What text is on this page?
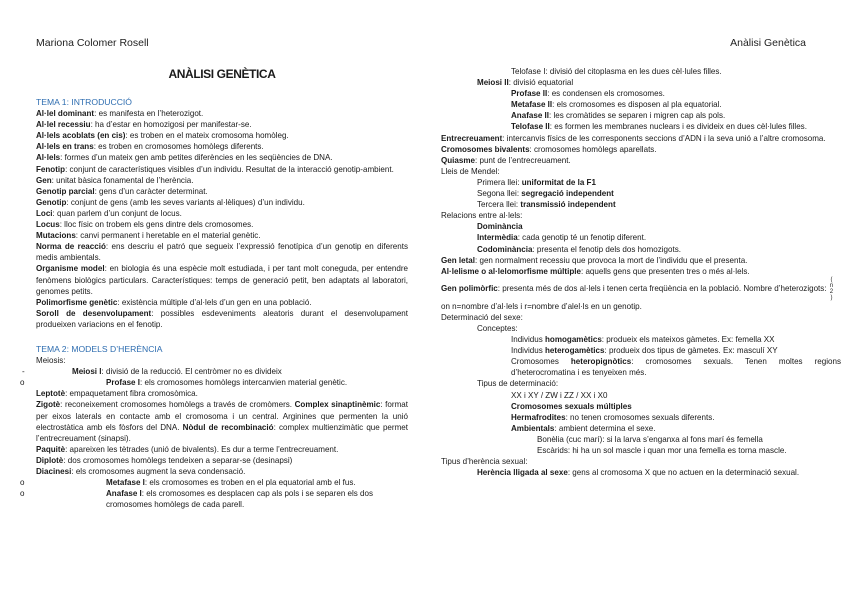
Mariona Colomer Rosell	Anàlisi Genètica
ANÀLISI GENÈTICA
TEMA 1: INTRODUCCIÓ
Al·lel dominant: es manifesta en l’heterozigot.
Al·lel recessiu: ha d’estar en homozigosi per manifestar-se.
Al·lels acoblats (en cis): es troben en el mateix cromosoma homòleg.
Al·lels en trans: es troben en cromosomes homòlegs diferents.
Al·lels: formes d’un mateix gen amb petites diferències en les seqüències de DNA.
Fenotip: conjunt de característiques visibles d’un individu. Resultat de la interacció genotip-ambient.
Gen: unitat bàsica fonamental de l’herència.
Genotip parcial: gens d’un caràcter determinat.
Genotip: conjunt de gens (amb les seves variants al·lèliques) d’un individu.
Loci: quan parlem d’un conjunt de locus.
Locus: lloc físic on trobem els gens dintre dels cromosomes.
Mutacions: canvi permanent i heretable en el material genètic.
Norma de reacció: ens descriu el patró que segueix l’expressió fenotípica d’un genotip en diferents medis ambientals.
Organisme model: en biologia és una espècie molt estudiada, i per tant molt coneguda, per entendre fenòmens biològics particulars. Característiques: temps de generació petit, ben adaptats al laboratori, genomes petits.
Polimorfisme genètic: existència múltiple d’al·lels d’un gen en una població.
Soroll de desenvolupament: possibles esdeveniments aleatoris durant el desenvolupament produeixen variacions en el fenotip.
TEMA 2: MODELS D’HERÈNCIA
Meiosis:
- Meiosi I: divisió de la reducció. El centròmer no es divideix
o Profase I: els cromosomes homòlegs intercanvien material genètic.
Leptotè: empaquetament fibra cromosòmica.
Zigotè: reconeixement cromosomes homòlegs a través de cromòmers. Complex sinaptinèmic: format per eixos laterals en contacte amb el cromosoma i un central. Arginines que permenten la unió electrostàtica amb els fòsfors del DNA. Nòdul de recombinació: complex multienzimàtic que permet l’entrecreuament (sinapsi).
Paquitè: apareixen les tètrades (unió de bivalents). Es dur a terme l’entrecreuament.
Diplotè: dos cromosomes homòlegs tendeixen a separar-se (desinapsi)
Diacinesi: els cromosomes augment la seva condensació.
o Metafase I: els cromosomes es troben en el pla equatorial amb el fus.
o Anafase I: els cromosomes es desplacen cap als pols i se separen els dos cromosomes homòlegs de cada parell.
o Telofase I: divisió del citoplasma en les dues cèl·lules filles.
- Meiosi II: divisió equatorial
o Profase II: es condensen els cromosomes.
o Metafase II: els cromosomes es disposen al pla equatorial.
o Anafase II: les cromàtides se separen i migren cap als pols.
o Telofase II: es formen les membranes nuclears i es divideix en dues cèl·lules filles.
Entrecreuament: intercanvis físics de les corresponents seccions d’ADN i la seva unió a l’altre cromosoma.
Cromosomes bivalents: cromosomes homòlegs aparellats.
Quiasme: punt de l’entrecreuament.
Lleis de Mendel:
- Primera llei: uniformitat de la F1
- Segona llei: segregació independent
- Tercera llei: transmissió independent
Relacions entre al·lels:
- Dominància
- Intermèdia: cada genotip té un fenotip diferent.
- Codominància: presenta el fenotip dels dos homozigots.
Gen letal: gen normalment recessiu que provoca la mort de l’individu que el presenta.
Al·lelisme o al·lelomorfisme múltiple: aquells gens que presenten tres o més al·lels.
Gen polimòrfic: presenta més de dos al·lels i tenen certa freqüència en la població. Nombre d’heterozigots: (
n
2
) on n=nombre d’al·lels i r=nombre d’alel·ls en un genotip.
Determinació del sexe:
- Conceptes:
o Individus homogamètics: produeix els mateixos gàmetes. Ex: femella XX
o Individus heterogamètics: produeix dos tipus de gàmetes. Ex: masculí XY
o Cromosomes heteropignòtics: cromosomes sexuals. Tenen moltes regions d’heterocromatina i es tenyeixen més.
- Tipus de determinació:
o XX i XY / ZW i ZZ / XX i X0
o Cromosomes sexuals múltiples
o Hermafrodites: no tenen cromosomes sexuals diferents.
o Ambientals: ambient determina el sexe.
▪ Bonèlia (cuc marí): si la larva s’enganxa al fons marí és femella
▪ Escàrids: hi ha un sol mascle i quan mor una femella es torna mascle.
Tipus d’herència sexual:
- Herència lligada al sexe: gens al cromosoma X que no actuen en la determinació sexual.
